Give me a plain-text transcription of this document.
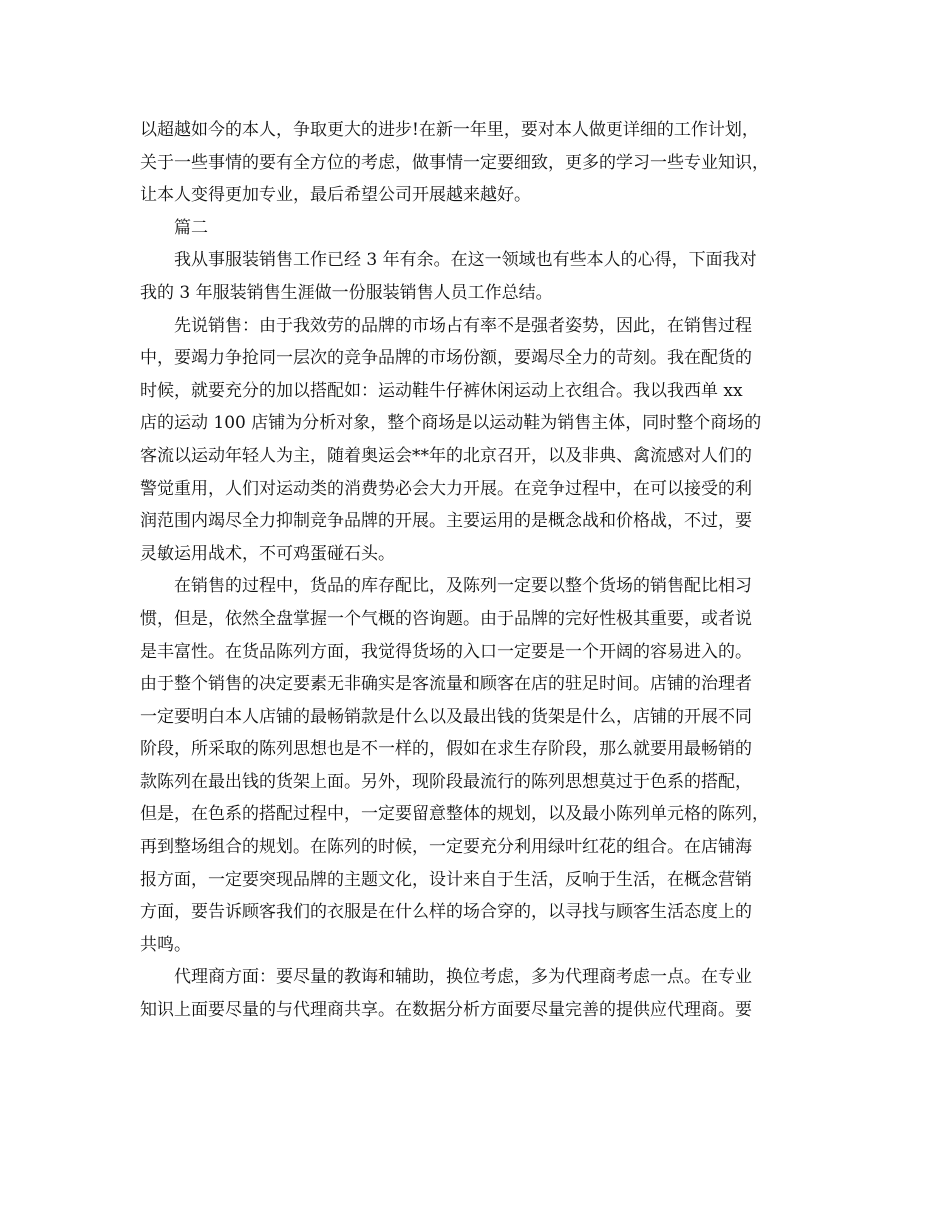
以超越如今的本人，争取更大的进步!在新一年里，要对本人做更详细的工作计划，
关于一些事情的要有全方位的考虑，做事情一定要细致，更多的学习一些专业知识，
让本人变得更加专业，最后希望公司开展越来越好。
篇二
我从事服装销售工作已经 3 年有余。在这一领域也有些本人的心得，下面我对
我的 3 年服装销售生涯做一份服装销售人员工作总结。
先说销售：由于我效劳的品牌的市场占有率不是强者姿势，因此，在销售过程
中，要竭力争抢同一层次的竞争品牌的市场份额，要竭尽全力的苛刻。我在配货的
时候，就要充分的加以搭配如：运动鞋牛仔裤休闲运动上衣组合。我以我西单 xx
店的运动 100 店铺为分析对象，整个商场是以运动鞋为销售主体，同时整个商场的
客流以运动年轻人为主，随着奥运会**年的北京召开，以及非典、禽流感对人们的
警觉重用，人们对运动类的消费势必会大力开展。在竞争过程中，在可以接受的利
润范围内竭尽全力抑制竞争品牌的开展。主要运用的是概念战和价格战，不过，要
灵敏运用战术，不可鸡蛋碰石头。
在销售的过程中，货品的库存配比，及陈列一定要以整个货场的销售配比相习
惯，但是，依然全盘掌握一个气概的咨询题。由于品牌的完好性极其重要，或者说
是丰富性。在货品陈列方面，我觉得货场的入口一定要是一个开阔的容易进入的。
由于整个销售的决定要素无非确实是客流量和顾客在店的驻足时间。店铺的治理者
一定要明白本人店铺的最畅销款是什么以及最出钱的货架是什么，店铺的开展不同
阶段，所采取的陈列思想也是不一样的，假如在求生存阶段，那么就要用最畅销的
款陈列在最出钱的货架上面。另外，现阶段最流行的陈列思想莫过于色系的搭配，
但是，在色系的搭配过程中，一定要留意整体的规划，以及最小陈列单元格的陈列，
再到整场组合的规划。在陈列的时候，一定要充分利用绿叶红花的组合。在店铺海
报方面，一定要突现品牌的主题文化，设计来自于生活，反响于生活，在概念营销
方面，要告诉顾客我们的衣服是在什么样的场合穿的，以寻找与顾客生活态度上的
共鸣。
代理商方面：要尽量的教诲和辅助，换位考虑，多为代理商考虑一点。在专业
知识上面要尽量的与代理商共享。在数据分析方面要尽量完善的提供应代理商。要
